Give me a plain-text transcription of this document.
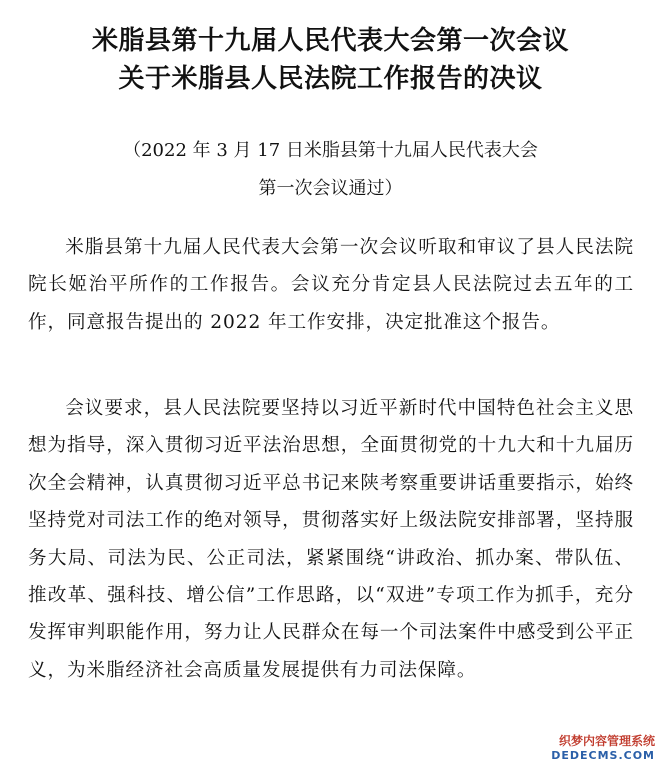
米脂县第十九届人民代表大会第一次会议
关于米脂县人民法院工作报告的决议
（2022 年 3 月 17 日米脂县第十九届人民代表大会
第一次会议通过）

米脂县第十九届人民代表大会第一次会议听取和审议了县人民法院院长姬治平所作的工作报告。会议充分肯定县人民法院过去五年的工作，同意报告提出的 2022 年工作安排，决定批准这个报告。

会议要求，县人民法院要坚持以习近平新时代中国特色社会主义思想为指导，深入贯彻习近平法治思想，全面贯彻党的十九大和十九届历次全会精神，认真贯彻习近平总书记来陕考察重要讲话重要指示，始终坚持党对司法工作的绝对领导，贯彻落实好上级法院安排部署，坚持服务大局、司法为民、公正司法，紧紧围绕“讲政治、抓办案、带队伍、推改革、强科技、增公信”工作思路，以“双进”专项工作为抓手，充分发挥审判职能作用，努力让人民群众在每一个司法案件中感受到公平正义，为米脂经济社会高质量发展提供有力司法保障。

织梦内容管理系统
DEDECMS.COM
